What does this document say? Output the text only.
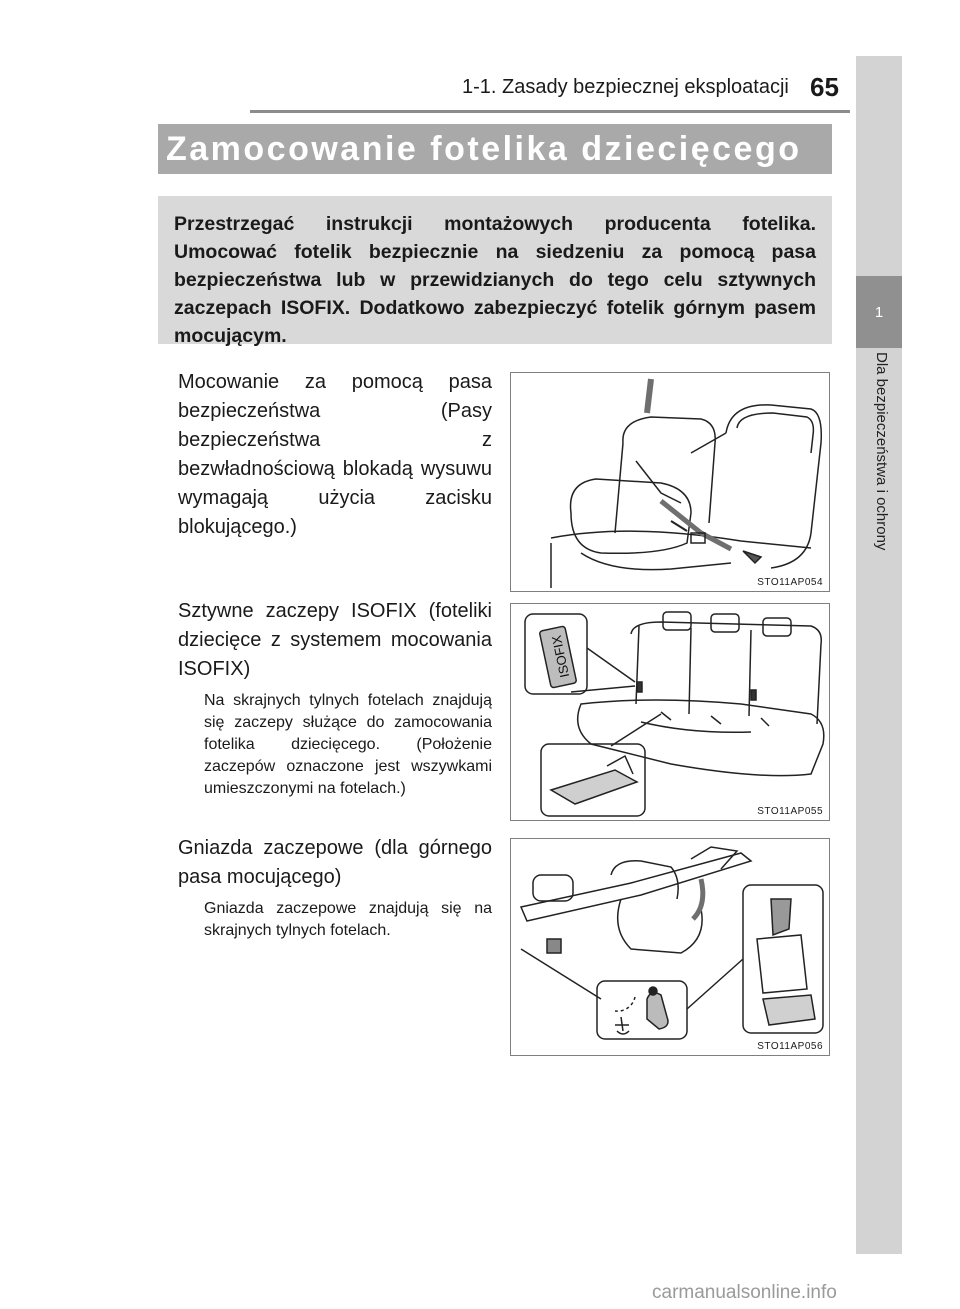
1
Dla bezpieczeństwa i ochrony
1-1. Zasady bezpiecznej eksploatacji 65
Zamocowanie fotelika dziecięcego
Przestrzegać instrukcji montażowych producenta fotelika. Umocować fotelik bezpiecznie na siedzeniu za pomocą pasa bezpieczeństwa lub w przewidzianych do tego celu sztywnych zaczepach ISOFIX. Dodatkowo zabezpieczyć fotelik górnym pasem mocującym.
Mocowanie za pomocą pasa bezpieczeństwa (Pasy bezpieczeństwa z bezwładnościową blokadą wysuwu wymagają użycia zacisku blokującego.)
Sztywne zaczepy ISOFIX (foteliki dziecięce z systemem mocowania ISOFIX)
Na skrajnych tylnych fotelach znajdują się zaczepy służące do zamocowania fotelika dziecięcego. (Położenie zaczepów oznaczone jest wszywkami umieszczonymi na fotelach.)
Gniazda zaczepowe (dla górnego pasa mocującego)
Gniazda zaczepowe znajdują się na skrajnych tylnych fotelach.
STO11AP054
ISOFIX
STO11AP055
STO11AP056
carmanualsonline.info
